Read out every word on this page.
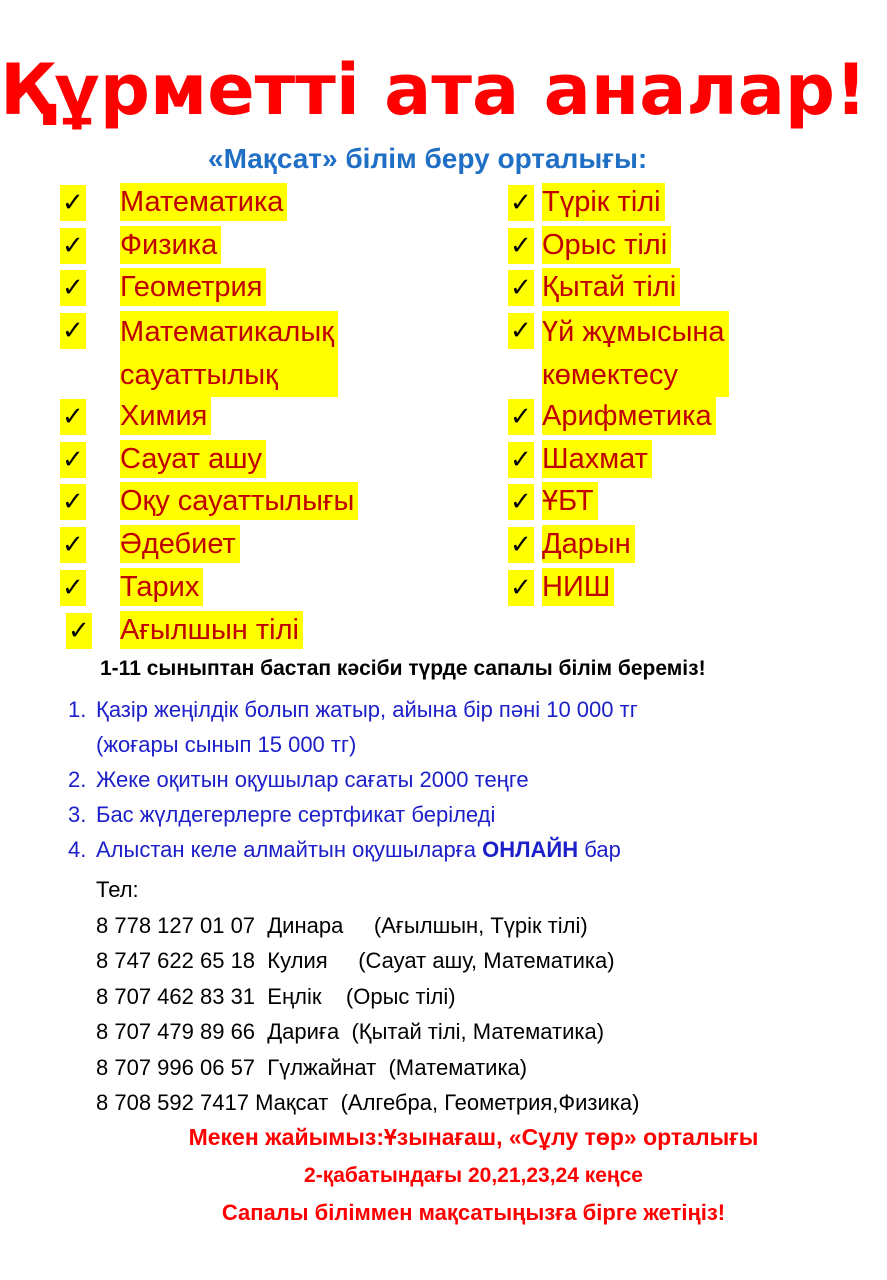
Құрметті ата аналар!
«Мақсат» білім беру орталығы:
✓ Математика
✓ Физика
✓ Геометрия
✓ Математикалық
сауаттылық
✓ Химия
✓ Сауат ашу
✓ Оқу сауаттылығы
✓ Әдебиет
✓ Тарих
✓ Ағылшын тілі
✓ Түрік тілі
✓ Орыс тілі
✓ Қытай тілі
✓ Үй жұмысына
көмектесу
✓ Арифметика
✓ Шахмат
✓ ҰБТ
✓ Дарын
✓ НИШ
1-11 сыныптан бастап кәсіби түрде сапалы білім береміз!
1. Қазір жеңілдік болып жатыр, айына бір пәні 10 000 тг
(жоғары сынып 15 000 тг)
2. Жеке оқитын оқушылар сағаты 2000 теңге
3. Бас жүлдегерлерге сертфикат беріледі
4. Алыстан келе алмайтын оқушыларға ОНЛАЙН бар
Тел:
8 778 127 01 07 Динара (Ағылшын, Түрік тілі)
8 747 622 65 18 Кулия (Сауат ашу, Математика)
8 707 462 83 31 Еңлік (Орыс тілі)
8 707 479 89 66 Дариға (Қытай тілі, Математика)
8 707 996 06 57 Гүлжайнат (Математика)
8 708 592 7417 Мақсат (Алгебра, Геометрия,Физика)
Мекен жайымыз:Ұзынағаш, «Сұлу төр» орталығы
2-қабатындағы 20,21,23,24 кеңсе
Сапалы біліммен мақсатыңызға бірге жетіңіз!
